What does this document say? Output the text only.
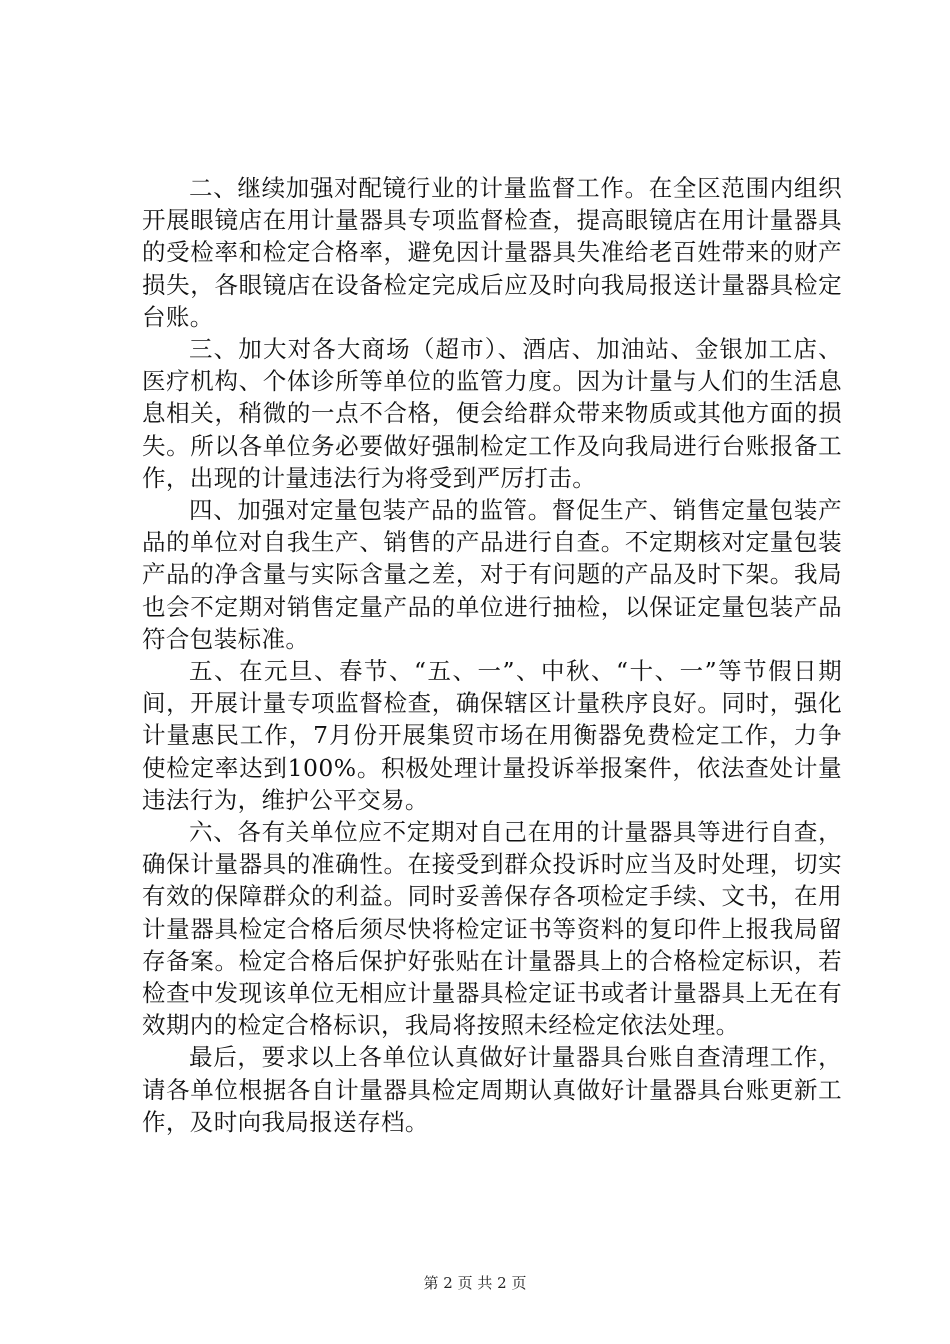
二、继续加强对配镜行业的计量监督工作。在全区范围内组织开展眼镜店在用计量器具专项监督检查，提高眼镜店在用计量器具的受检率和检定合格率，避免因计量器具失准给老百姓带来的财产损失，各眼镜店在设备检定完成后应及时向我局报送计量器具检定台账。

三、加大对各大商场（超市）、酒店、加油站、金银加工店、医疗机构、个体诊所等单位的监管力度。因为计量与人们的生活息息相关，稍微的一点不合格，便会给群众带来物质或其他方面的损失。所以各单位务必要做好强制检定工作及向我局进行台账报备工作，出现的计量违法行为将受到严厉打击。

四、加强对定量包装产品的监管。督促生产、销售定量包装产品的单位对自我生产、销售的产品进行自查。不定期核对定量包装产品的净含量与实际含量之差，对于有问题的产品及时下架。我局也会不定期对销售定量产品的单位进行抽检，以保证定量包装产品符合包装标准。

五、在元旦、春节、“五、一”、中秋、“十、一”等节假日期间，开展计量专项监督检查，确保辖区计量秩序良好。同时，强化计量惠民工作，7月份开展集贸市场在用衡器免费检定工作，力争使检定率达到100%。积极处理计量投诉举报案件，依法查处计量违法行为，维护公平交易。

六、各有关单位应不定期对自己在用的计量器具等进行自查，确保计量器具的准确性。在接受到群众投诉时应当及时处理，切实有效的保障群众的利益。同时妥善保存各项检定手续、文书，在用计量器具检定合格后须尽快将检定证书等资料的复印件上报我局留存备案。检定合格后保护好张贴在计量器具上的合格检定标识，若检查中发现该单位无相应计量器具检定证书或者计量器具上无在有效期内的检定合格标识，我局将按照未经检定依法处理。

最后，要求以上各单位认真做好计量器具台账自查清理工作，请各单位根据各自计量器具检定周期认真做好计量器具台账更新工作，及时向我局报送存档。

第 2 页 共 2 页
